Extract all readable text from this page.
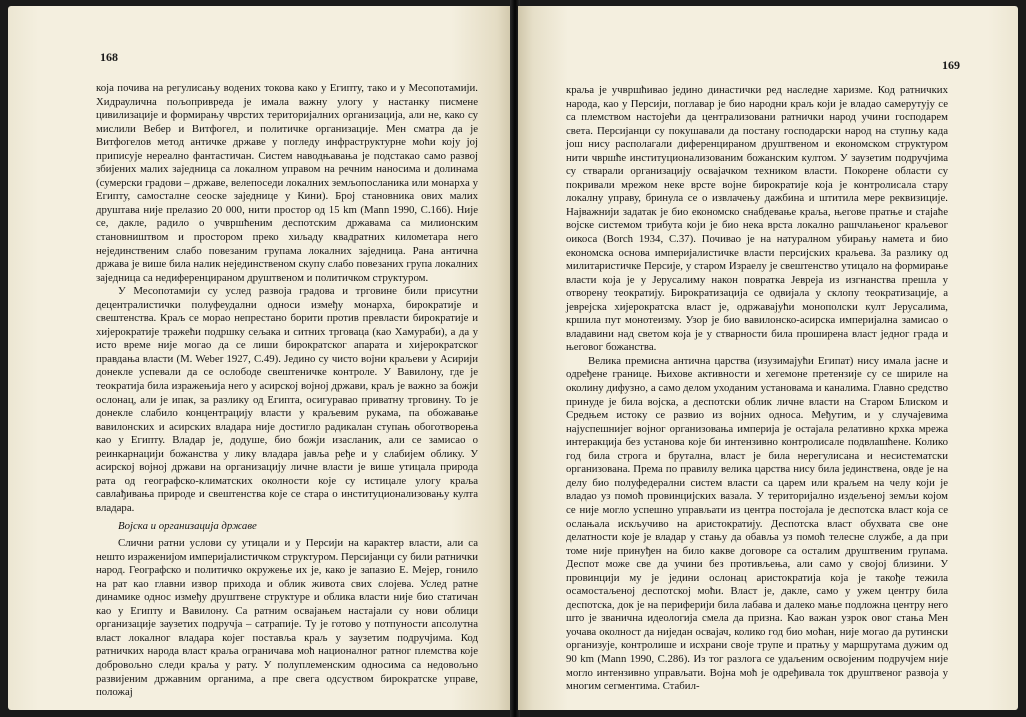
168

која почива на регулисању водених токова како у Египту, тако и у Месопотамији. Хидраулична пољопривреда је имала важну улогу у настанку писмене цивилизације и формирању чврстих територијалних организација, али не, како су мислили Вебер и Витфогел, и политичке организације. Мен сматра да је Витфогелов метод античке државе у погледу инфраструктурне моћи коју јој приписује нереално фантастичан. Систем наводњавања је подстакао само развој збијених малих заједница са локалном управом на речним наносима и долинама (сумерски градови – државе, велепоседи локалних земљопосланика или монархa у Египту, самосталне сеоске заједнице у Кини). Број становника ових малих друштава није прелазио 20 000, нити простор од 15 km (Mann 1990, C.166). Није се, дакле, радило о учвршћеним деспотским државама са милионским становништвом и простором преко хиљаду квадратних километара него нејединственим слабо повезаним групама локалних заједница. Рана антична држава је више била налик нејединственом скупу слабо повезаних група локалних заједница са недиференцираном друштвеном и политичком структуром.

У Месопотамији су услед развоја градова и трговине били присутни децентралистички полуфеудални односи између монарха, бирократије и свештенства. Краљ се морао непрестано борити против превласти бирократије и хијерократије тражећи подршку сељака и ситних трговаца (као Хамураби), а да у исто време није могао да се лиши бирократског апарата и хијерократског правдања власти (M. Weber 1927, C.49). Једино су чисто војни краљеви у Асирији донекле успевали да се ослободе свештеничке контроле. У Вавилону, где је теократија била изражењија него у асирској војној држави, краљ је важно за божји ослонац, али је ипак, за разлику од Египта, осигуравао приватну трговину. То је донекле слабило концентрацију власти у краљевим рукама, па обожавање вавилонских и асирских владара није достигло радикалан ступањ обоготворења као у Египту. Владар је, додуше, био божји изасланик, али се замисао о реинкарнацији божанства у лику владара јавља ређе и у слабијем облику. У асирској војној држави на организацију личне власти је више утицала природа рата од географско-климатских околности које су истицале улогу краља савлађивања природе и свештенства које се стара о институционализовању култа владара.

Војска и организација државе

Слични ратни услови су утицали и у Персији на карактер власти, али са нешто израженијом империјалистичком структуром. Персијанци су били ратнички народ. Географско и политичко окружење их је, како је запазио Е. Мејер, гонило на рат као главни извор прихода и облик живота свих слојева. Услед ратне динамике однос између друштвене структуре и облика власти није био статичан као у Египту и Вавилону. Са ратним освајањем настајали су нови облици организације заузетих подручја – сатрапије. Ту је готово у потпуности апсолутна власт локалног владара којег поставља краљ у заузетим подручјима. Код ратничких народа власт краља ограничава моћ националног ратног племства које добровољно следи краља у рату. У полуплеменским односима са недовољно развијеним државним органима, а пре свега одсуством бирократске управе, положај

169

краља је учвршћивао једино династички ред наследне харизме. Код ратничких народа, као у Персији, поглавар је био народни краљ који је владао самерутују се са племством настојећи да централизовани ратнички народ учини господарем света. Персијанци су покушавали да постану господарски народ на ступњу када још нису располагали диференцираном друштвеном и економском структуром нити чвршће институционализованим божанским култом. У заузетим подручјима су стварали организацију освајачком техником власти. Покорене области су покривали мрежом неке врсте војне бирократије која је контролисала стару локалну управу, бринула се о извлачењу дажбина и штитила мере реквизиције. Најважнији задатак је био економско снабдевање краља, његове пратње и стајаће војске системом трибута који је био нека врста локално рашчлањеног краљевог оикоса (Borch 1934, C.37). Почивао је на натуралном убирању намета и био економска основа империјалистичке власти персијских краљева. За разлику од милитаристичке Персије, у старом Израелу је свештенство утицало на формирање власти која је у Јерусалиму након повратка Јевреја из изгнанства прешла у отворену теократију. Бирократизација се одвијала у склопу теократизације, а јеврејска хијерократска власт је, одржавајући монополски култ Јерусалима, кршила пут монотеизму. Узор је био вавилонско-асирска империјална замисао о владавини над светом која је у стварности била проширена власт једног града и његовог божанства.

Велика премисна антична царства (изузимајући Египат) нису имала јасне и одређене границе. Њихове активности и хегемоне претензије су се шириле на околину дифузно, а само делом уходаним установама и каналима. Главно средство принуде је била војска, а деспотски облик личне власти на Старом Блиском и Средњем истоку се развио из војних односа. Међутим, и у случајевима најуспешнијег војног организовања империја је остајала релативно крхка мрежа интеракција без установа које би интензивно контролисале подвлашћене. Колико год била строга и брутална, власт је била нерегулисана и несистематски организована. Према по правилу велика царства нису била јединствена, овде је на делу био полуфедерални систем власти са царем или краљем на челу који је владао уз помоћ провинцијских вазала. У територијално издељеној земљи којом се није могло успешно управљати из центра постојала је деспотска власт која се ослањала искључиво на аристократију. Деспотска власт обухвата све оне делатности које је владар у стању да обавља уз помоћ телесне службе, а да при томе није принуђен на било какве договоре са осталим друштвеним групама. Деспот може све да учини без противљења, али само у својој близини. У провинцији му је једини ослонац аристократија која је такође тежила осамостаљеној деспотској моћи. Власт је, дакле, само у ужем центру била деспотска, док је на периферији била лабава и далеко мање подложна центру него што је званична идеологија смела да призна. Као важан узрок овог стања Мен уочава околност да ниједан освајач, колико год био моћан, није могао да рутински организује, контролише и исхрани своје трупе и пратњу у маршрутама дужим од 90 km (Mann 1990, C.286). Из тог разлога се удаљеним освојеним подручјем није могло интензивно управљати. Војна моћ је одређивала ток друштвеног развоја у многим сегментима. Стабил-
